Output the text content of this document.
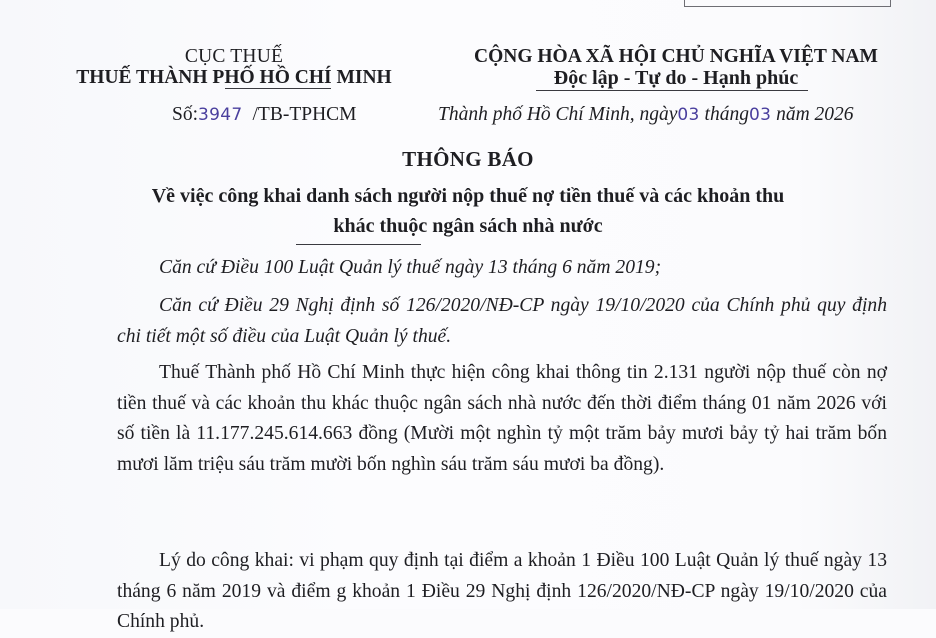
CỤC THUẾ
THUẾ THÀNH PHỐ HỒ CHÍ MINH
CỘNG HÒA XÃ HỘI CHỦ NGHĨA VIỆT NAM
Độc lập - Tự do - Hạnh phúc
Số:3947 /TB-TPHCM	Thành phố Hồ Chí Minh, ngày03 tháng03 năm 2026
THÔNG BÁO
Về việc công khai danh sách người nộp thuế nợ tiền thuế và các khoản thu
khác thuộc ngân sách nhà nước
Căn cứ Điều 100 Luật Quản lý thuế ngày 13 tháng 6 năm 2019;
Căn cứ Điều 29 Nghị định số 126/2020/NĐ-CP ngày 19/10/2020 của Chính phủ quy định chi tiết một số điều của Luật Quản lý thuế.
Thuế Thành phố Hồ Chí Minh thực hiện công khai thông tin 2.131 người nộp thuế còn nợ tiền thuế và các khoản thu khác thuộc ngân sách nhà nước đến thời điểm tháng 01 năm 2026 với số tiền là 11.177.245.614.663 đồng (Mười một nghìn tỷ một trăm bảy mươi bảy tỷ hai trăm bốn mươi lăm triệu sáu trăm mười bốn nghìn sáu trăm sáu mươi ba đồng).
Lý do công khai: vi phạm quy định tại điểm a khoản 1 Điều 100 Luật Quản lý thuế ngày 13 tháng 6 năm 2019 và điểm g khoản 1 Điều 29 Nghị định 126/2020/NĐ-CP ngày 19/10/2020 của Chính phủ.
